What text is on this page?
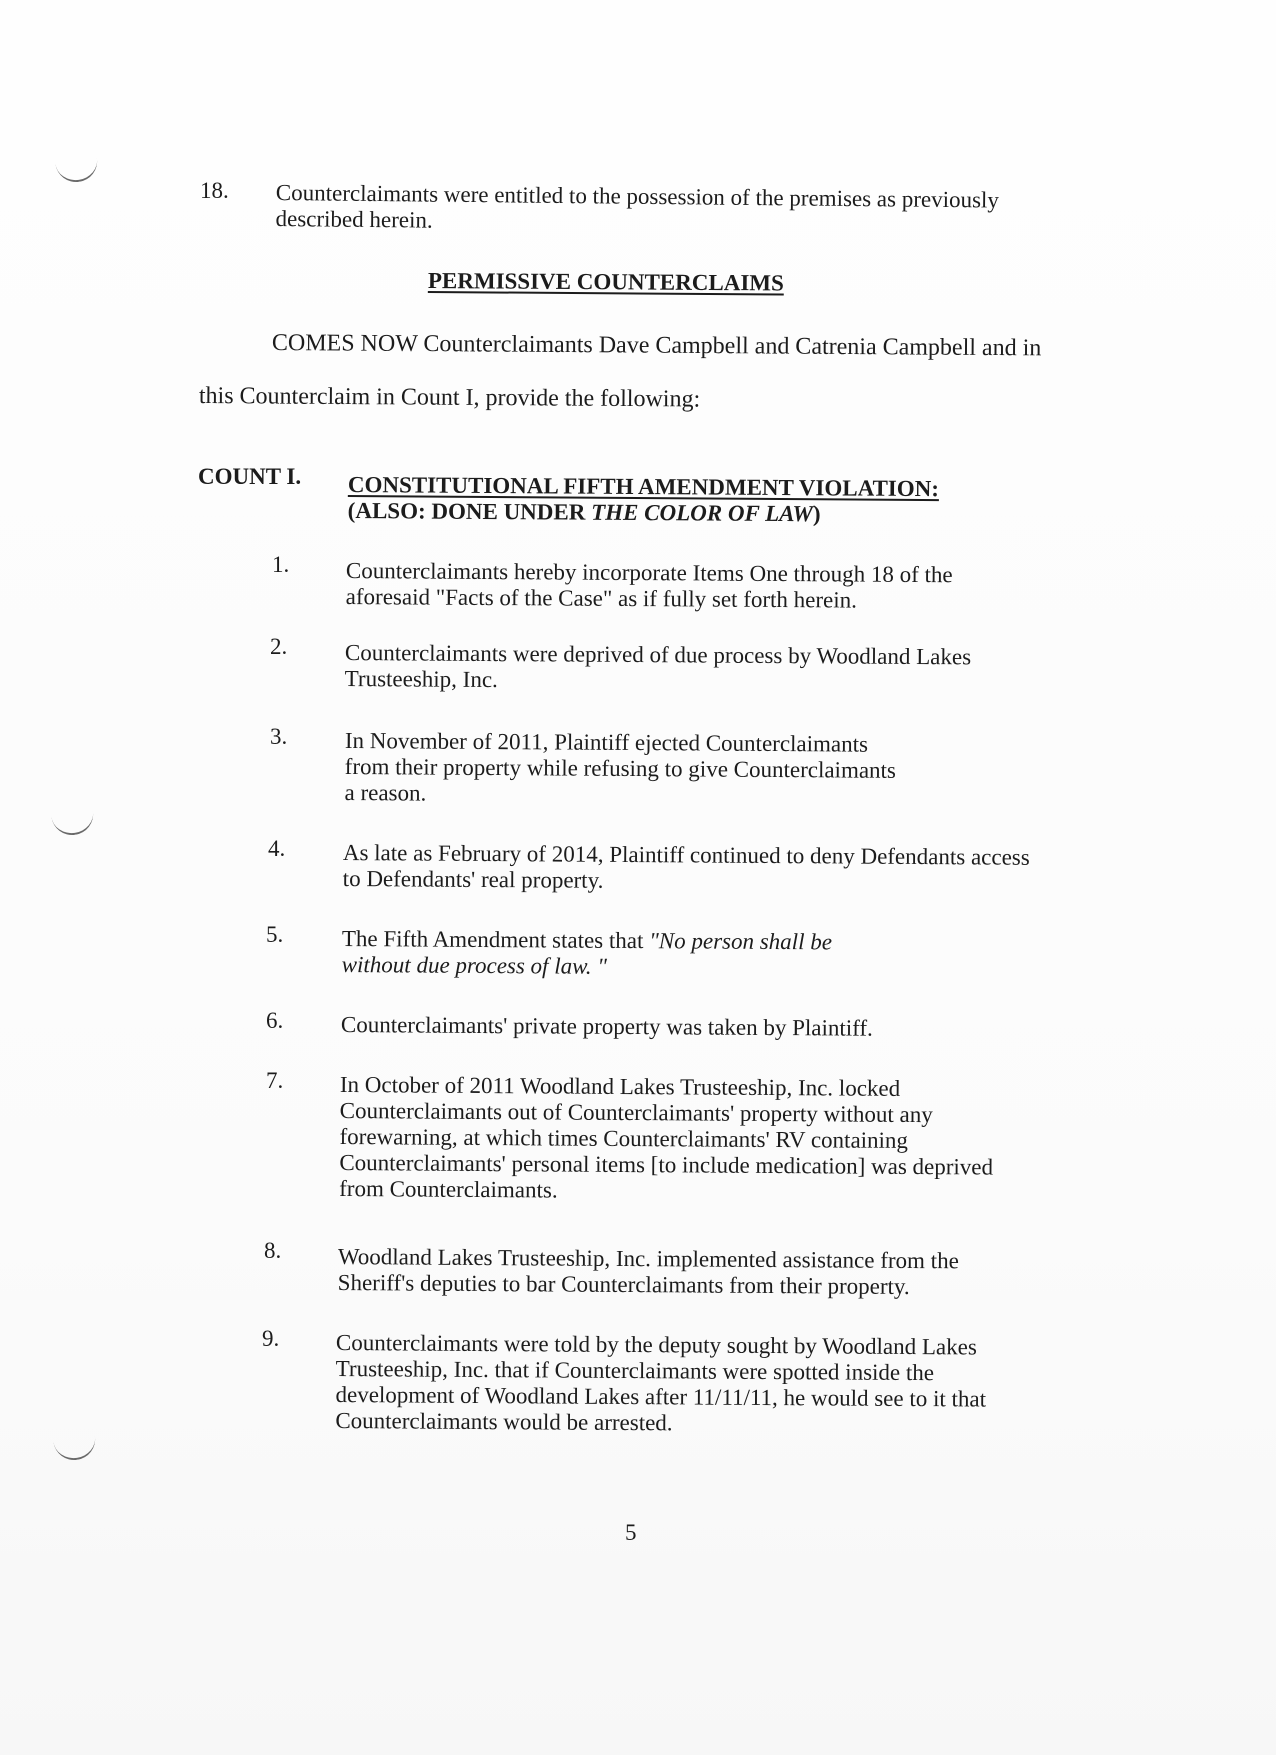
18. Counterclaimants were entitled to the possession of the premises as previously
described herein.
PERMISSIVE COUNTERCLAIMS
COMES NOW Counterclaimants Dave Campbell and Catrenia Campbell and in
this Counterclaim in Count I, provide the following:
COUNT I. CONSTITUTIONAL FIFTH AMENDMENT VIOLATION:
(ALSO: DONE UNDER THE COLOR OF LAW)
1. Counterclaimants hereby incorporate Items One through 18 of the
aforesaid "Facts of the Case" as if fully set forth herein.
2.	Counterclaimants were deprived of due process by Woodland Lakes
Trusteeship, Inc.
3.	In November of 2011, Plaintiff ejected Counterclaimants
from their property while refusing to give Counterclaimants
a reason.
4.	As late as February of 2014, Plaintiff continued to deny Defendants access
to Defendants' real property.
5.	The Fifth Amendment states that "No person shall be
without due process of law. "
6.	Counterclaimants' private property was taken by Plaintiff.
7. In October of 2011 Woodland Lakes Trusteeship, Inc. locked
Counterclaimants out of Counterclaimants' property without any
forewarning, at which times Counterclaimants' RV containing
Counterclaimants' personal items [to include medication] was deprived
from Counterclaimants.
8. Woodland Lakes Trusteeship, Inc. implemented assistance from the
Sheriff's deputies to bar Counterclaimants from their property.
9. Counterclaimants were told by the deputy sought by Woodland Lakes
Trusteeship, Inc. that if Counterclaimants were spotted inside the
development of Woodland Lakes after 11/11/11, he would see to it that
Counterclaimants would be arrested.
5
